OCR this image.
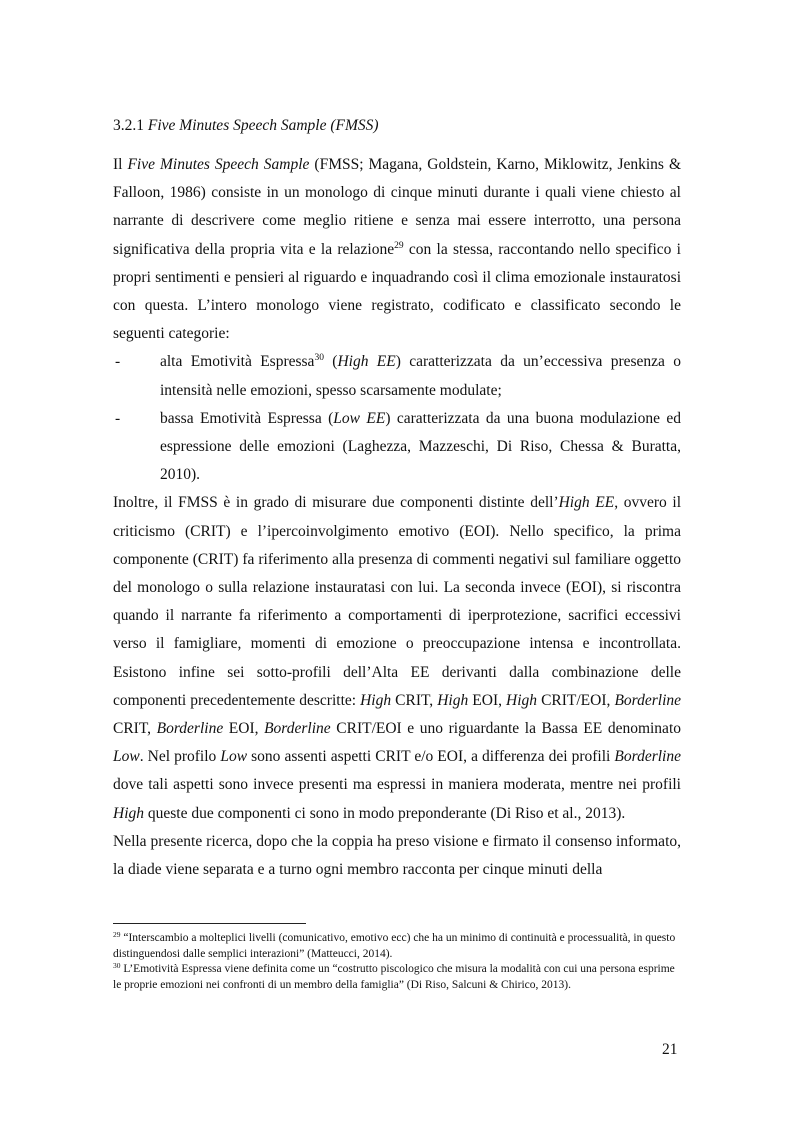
3.2.1 Five Minutes Speech Sample (FMSS)

Il Five Minutes Speech Sample (FMSS; Magana, Goldstein, Karno, Miklowitz, Jenkins & Falloon, 1986) consiste in un monologo di cinque minuti durante i quali viene chiesto al narrante di descrivere come meglio ritiene e senza mai essere interrotto, una persona significativa della propria vita e la relazione$^{29}$ con la stessa, raccontando nello specifico i propri sentimenti e pensieri al riguardo e inquadrando così il clima emozionale instauratosi con questa. L’intero monologo viene registrato, codificato e classificato secondo le seguenti categorie:

-	alta Emotività Espressa$^{30}$ (High EE) caratterizzata da un’eccessiva presenza o intensità nelle emozioni, spesso scarsamente modulate;
-	bassa Emotività Espressa (Low EE) caratterizzata da una buona modulazione ed espressione delle emozioni (Laghezza, Mazzeschi, Di Riso, Chessa & Buratta, 2010).

Inoltre, il FMSS è in grado di misurare due componenti distinte dell’High EE, ovvero il criticismo (CRIT) e l’ipercoinvolgimento emotivo (EOI). Nello specifico, la prima componente (CRIT) fa riferimento alla presenza di commenti negativi sul familiare oggetto del monologo o sulla relazione instauratasi con lui. La seconda invece (EOI), si riscontra quando il narrante fa riferimento a comportamenti di iperprotezione, sacrifici eccessivi verso il famigliare, momenti di emozione o preoccupazione intensa e incontrollata. Esistono infine sei sotto-profili dell’Alta EE derivanti dalla combinazione delle componenti precedentemente descritte: High CRIT, High EOI, High CRIT/EOI, Borderline CRIT, Borderline EOI, Borderline CRIT/EOI e uno riguardante la Bassa EE denominato Low. Nel profilo Low sono assenti aspetti CRIT e/o EOI, a differenza dei profili Borderline dove tali aspetti sono invece presenti ma espressi in maniera moderata, mentre nei profili High queste due componenti ci sono in modo preponderante (Di Riso et al., 2013).

Nella presente ricerca, dopo che la coppia ha preso visione e firmato il consenso informato, la diade viene separata e a turno ogni membro racconta per cinque minuti della

$^{29}$ “Interscambio a molteplici livelli (comunicativo, emotivo ecc) che ha un minimo di continuità e processualità, in questo distinguendosi dalle semplici interazioni” (Matteucci, 2014).

$^{30}$ L’Emotività Espressa viene definita come un “costrutto piscologico che misura la modalità con cui una persona esprime le proprie emozioni nei confronti di un membro della famiglia” (Di Riso, Salcuni & Chirico, 2013).

21
